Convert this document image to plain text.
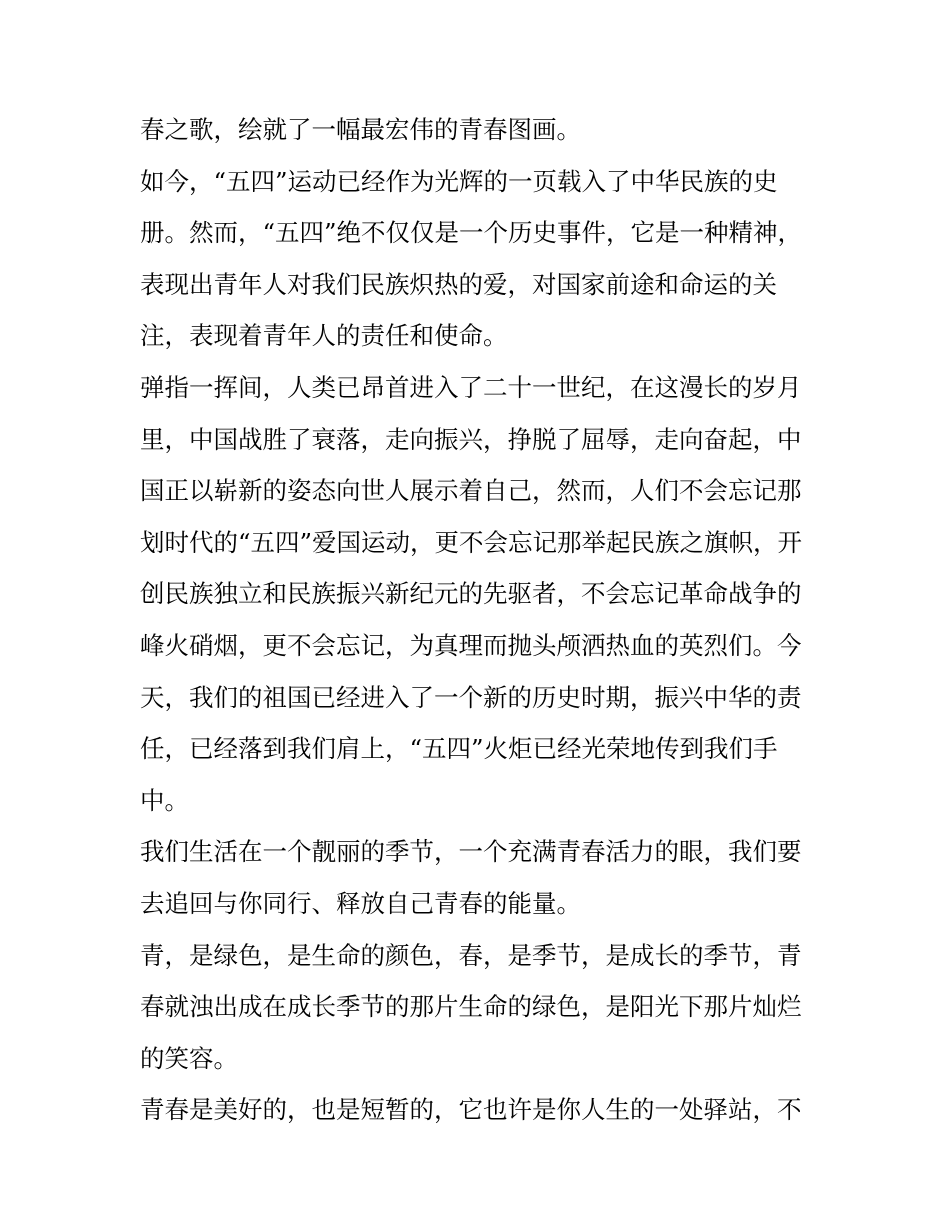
春之歌，绘就了一幅最宏伟的青春图画。
如今，“五四”运动已经作为光辉的一页载入了中华民族的史
册。然而，“五四”绝不仅仅是一个历史事件，它是一种精神，
表现出青年人对我们民族炽热的爱，对国家前途和命运的关
注，表现着青年人的责任和使命。
弹指一挥间，人类已昂首进入了二十一世纪，在这漫长的岁月
里，中国战胜了衰落，走向振兴，挣脱了屈辱，走向奋起，中
国正以崭新的姿态向世人展示着自己，然而，人们不会忘记那
划时代的“五四”爱国运动，更不会忘记那举起民族之旗帜，开
创民族独立和民族振兴新纪元的先驱者，不会忘记革命战争的
峰火硝烟，更不会忘记，为真理而抛头颅洒热血的英烈们。今
天，我们的祖国已经进入了一个新的历史时期，振兴中华的责
任，已经落到我们肩上，“五四”火炬已经光荣地传到我们手
中。
我们生活在一个靓丽的季节，一个充满青春活力的眼，我们要
去追回与你同行、释放自己青春的能量。
青，是绿色，是生命的颜色，春，是季节，是成长的季节，青
春就浊出成在成长季节的那片生命的绿色，是阳光下那片灿烂
的笑容。
青春是美好的，也是短暂的，它也许是你人生的一处驿站，不
